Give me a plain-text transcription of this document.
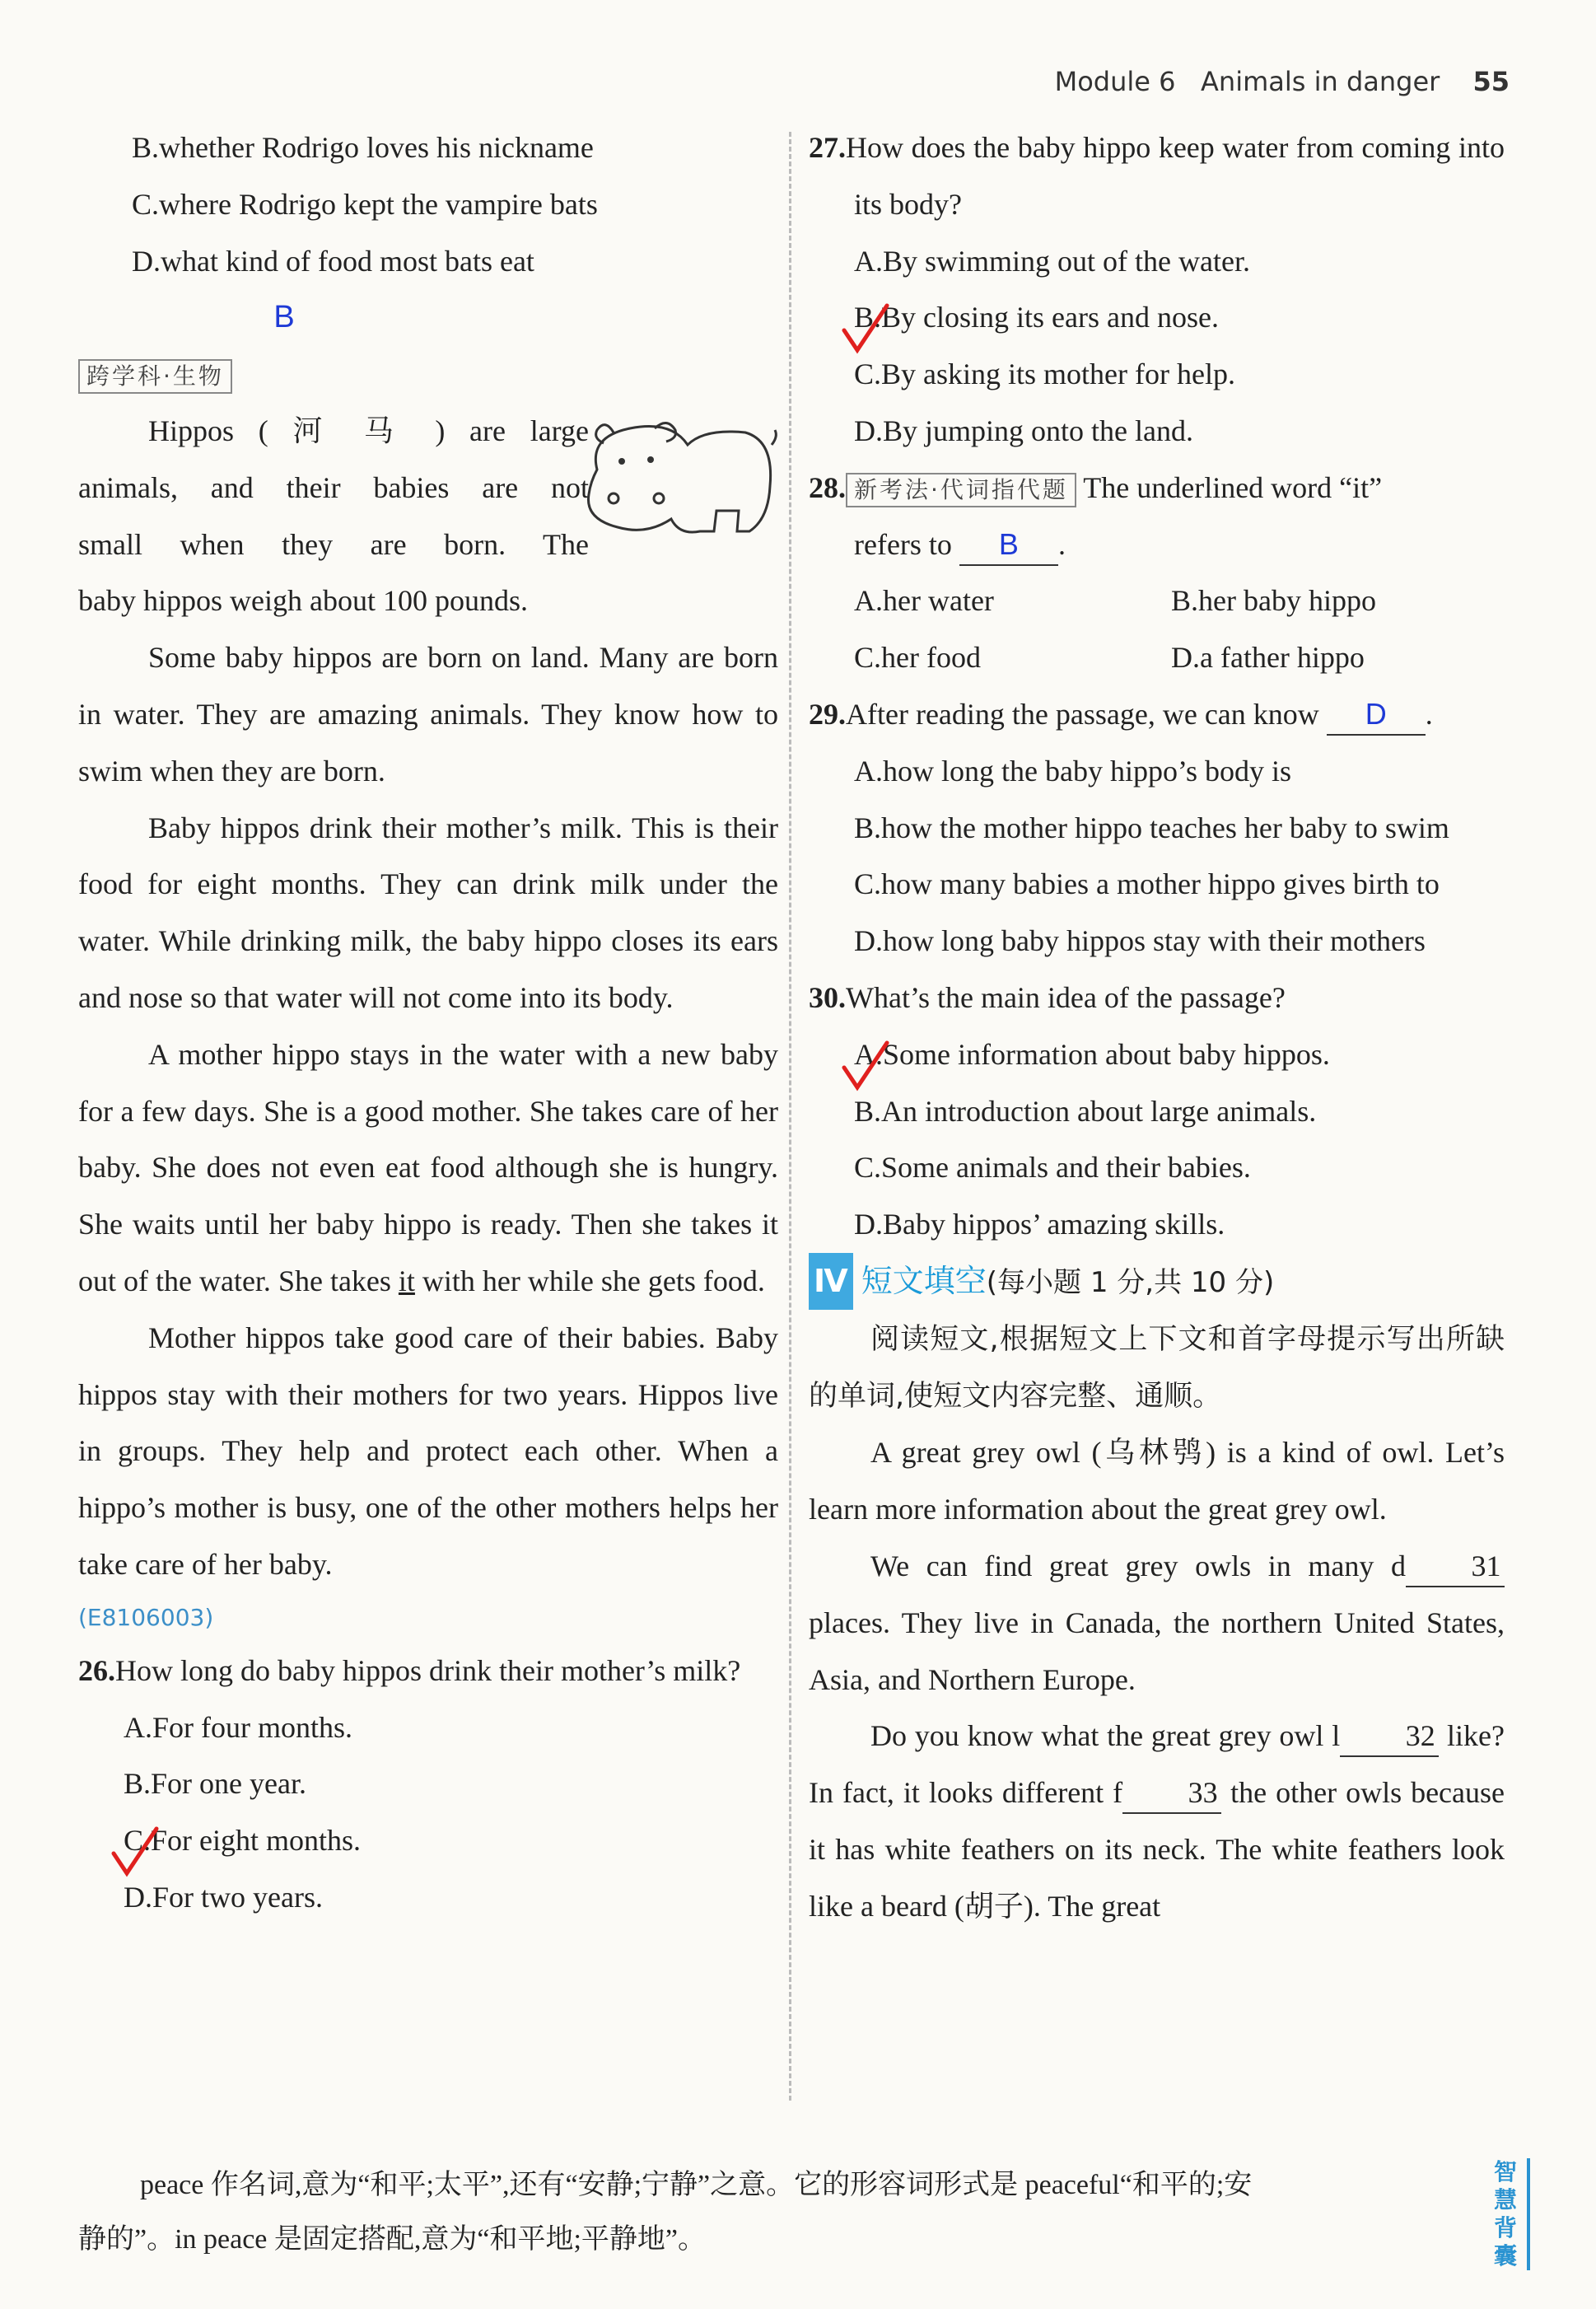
Module 6 Animals in danger 55
B.whether Rodrigo loves his nickname
C.where Rodrigo kept the vampire bats
D.what kind of food most bats eat
B
跨学科·生物
Hippos ( 河 马 ) are large
animals, and their babies are not
small when they are born. The
baby hippos weigh about 100 pounds.
Some baby hippos are born on land. Many are born in water. They are amazing animals. They know how to swim when they are born.
Baby hippos drink their mother’s milk. This is their food for eight months. They can drink milk under the water. While drinking milk, the baby hippo closes its ears and nose so that water will not come into its body.
A mother hippo stays in the water with a new baby for a few days. She is a good mother. She takes care of her baby. She does not even eat food although she is hungry. She waits until her baby hippo is ready. Then she takes it out of the water. She takes it with her while she gets food.
Mother hippos take good care of their babies. Baby hippos stay with their mothers for two years. Hippos live in groups. They help and protect each other. When a hippo’s mother is busy, one of the other mothers helps her take care of her baby.
(E8106003)
26.How long do baby hippos drink their mother’s milk?
A.For four months.
B.For one year.
C.For eight months.
D.For two years.
27.How does the baby hippo keep water from coming into its body?
A.By swimming out of the water.
B.By closing its ears and nose.
C.By asking its mother for help.
D.By jumping onto the land.
28. 新考法·代词指代题 The underlined word “it”
refers to B .
A.her water	B.her baby hippo
C.her food	D.a father hippo
29.After reading the passage, we can know D .
A.how long the baby hippo’s body is
B.how the mother hippo teaches her baby to swim
C.how many babies a mother hippo gives birth to
D.how long baby hippos stay with their mothers
30.What’s the main idea of the passage?
A.Some information about baby hippos.
B.An introduction about large animals.
C.Some animals and their babies.
D.Baby hippos’ amazing skills.
Ⅳ 短文填空(每小题 1 分,共 10 分)
阅读短文,根据短文上下文和首字母提示写出所缺的单词,使短文内容完整、通顺。
A great grey owl (乌林鸮) is a kind of owl. Let’s learn more information about the great grey owl.
We can find great grey owls in many d 31 places. They live in Canada, the northern United States, Asia, and Northern Europe.
Do you know what the great grey owl l 32 like? In fact, it looks different f 33 the other owls because it has white feathers on its neck. The white feathers look like a beard (胡子). The great
peace 作名词,意为“和平;太平”,还有“安静;宁静”之意。它的形容词形式是 peaceful“和平的;安
静的”。in peace 是固定搭配,意为“和平地;平静地”。
智
慧
背
囊
